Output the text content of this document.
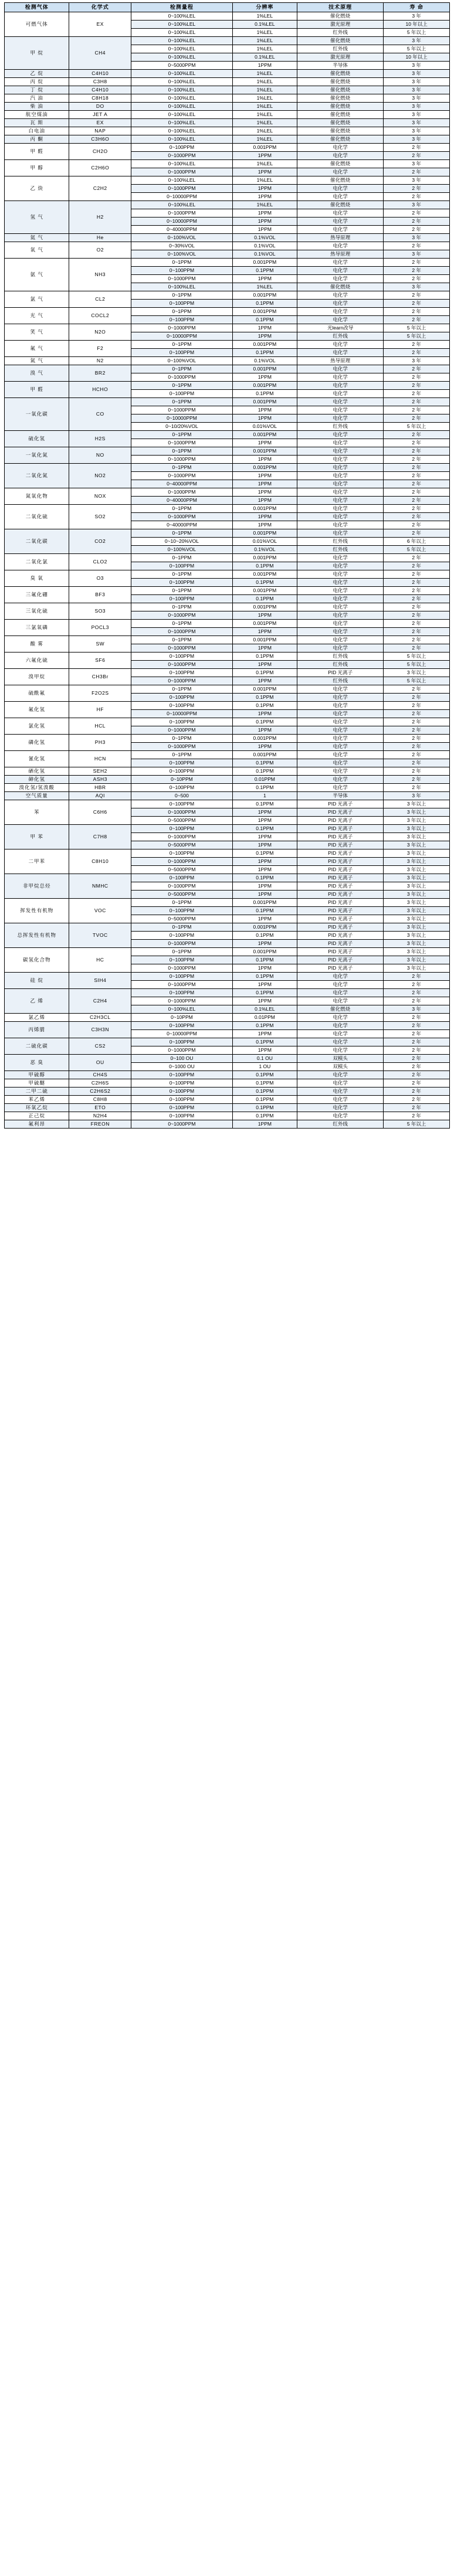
检测气体	化学式	检测量程	分辨率	技术原理	寿 命
可燃气体	EX	0~100%LEL	1%LEL	催化燃烧	3 年
		0~100%LEL	0.1%LEL	激光原理	10 年以上
		0~100%LEL	1%LEL	红外线	5 年以上
甲 烷	CH4	0~100%LEL	1%LEL	催化燃烧	3 年
		0~100%LEL	1%LEL	红外线	5 年以上
		0~100%LEL	0.1%LEL	激光原理	10 年以上
		0~5000PPM	1PPM	半导体	3 年
乙 烷	C4H10	0~100%LEL	1%LEL	催化燃烧	3 年
丙 烷	C3H8	0~100%LEL	1%LEL	催化燃烧	3 年
丁 烷	C4H10	0~100%LEL	1%LEL	催化燃烧	3 年
汽 油	C8H18	0~100%LEL	1%LEL	催化燃烧	3 年
柴 油	DO	0~100%LEL	1%LEL	催化燃烧	3 年
航空煤油	JET A	0~100%LEL	1%LEL	催化燃烧	3 年
瓦 斯	EX	0~100%LEL	1%LEL	催化燃烧	3 年
白电油	NAP	0~100%LEL	1%LEL	催化燃烧	3 年
丙 酮	C3H6O	0~100%LEL	1%LEL	催化燃烧	3 年
甲 醛	CH2O	0~100PPM	0.001PPM	电化学	2 年
		0~1000PPM	1PPM	电化学	2 年
甲 醇	C2H6O	0~100%LEL	1%LEL	催化燃烧	3 年
		0~1000PPM	1PPM	电化学	2 年
乙 炔	C2H2	0~100%LEL	1%LEL	催化燃烧	3 年
		0~1000PPM	1PPM	电化学	2 年
		0~10000PPM	1PPM	电化学	2 年
氢 气	H2	0~100%LEL	1%LEL	催化燃烧	3 年
		0~1000PPM	1PPM	电化学	2 年
		0~10000PPM	1PPM	电化学	2 年
		0~40000PPM	1PPM	电化学	2 年
氦 气	He	0~100%VOL	0.1%VOL	热导原理	3 年
氧 气	O2	0~30%VOL	0.1%VOL	电化学	2 年
		0~100%VOL	0.1%VOL	热导原理	3 年
氨 气	NH3	0~1PPM	0.001PPM	电化学	2 年
		0~100PPM	0.1PPM	电化学	2 年
		0~1000PPM	1PPM	电化学	2 年
		0~100%LEL	1%LEL	催化燃烧	3 年
氯 气	CL2	0~1PPM	0.001PPM	电化学	2 年
		0~100PPM	0.1PPM	电化学	2 年
光 气	COCL2	0~1PPM	0.001PPM	电化学	2 年
		0~100PPM	0.1PPM	电化学	2 年
笑 气	N2O	0~1000PPM	1PPM	光learn改导	5 年以上
		0~10000PPM	1PPM	红外线	5 年以上
氟 气	F2	0~1PPM	0.001PPM	电化学	2 年
		0~100PPM	0.1PPM	电化学	2 年
氮 气	N2	0~100%VOL	0.1%VOL	热导原理	3 年
溴 气	BR2	0~1PPM	0.001PPM	电化学	2 年
		0~1000PPM	1PPM	电化学	2 年
甲 醛	HCHO	0~1PPM	0.001PPM	电化学	2 年
		0~100PPM	0.1PPM	电化学	2 年
一氧化碳	CO	0~1PPM	0.001PPM	电化学	2 年
		0~1000PPM	1PPM	电化学	2 年
		0~10000PPM	1PPM	电化学	2 年
		0~10/20%VOL	0.01%VOL	红外线	5 年以上
硫化氢	H2S	0~1PPM	0.001PPM	电化学	2 年
		0~1000PPM	1PPM	电化学	2 年
一氧化氮	NO	0~1PPM	0.001PPM	电化学	2 年
		0~1000PPM	1PPM	电化学	2 年
二氧化氮	NO2	0~1PPM	0.001PPM	电化学	2 年
		0~1000PPM	1PPM	电化学	2 年
		0~40000PPM	1PPM	电化学	2 年
氮氧化物	NOX	0~1000PPM	1PPM	电化学	2 年
		0~40000PPM	1PPM	电化学	2 年
二氧化硫	SO2	0~1PPM	0.001PPM	电化学	2 年
		0~1000PPM	1PPM	电化学	2 年
		0~40000PPM	1PPM	电化学	2 年
二氧化碳	CO2	0~1PPM	0.001PPM	电化学	2 年
		0~10~20%VOL	0.01%VOL	红外线	6 年以上
		0~100%VOL	0.1%VOL	红外线	5 年以上
二氧化氯	CLO2	0~1PPM	0.001PPM	电化学	2 年
		0~100PPM	0.1PPM	电化学	2 年
臭 氧	O3	0~1PPM	0.001PPM	电化学	2 年
		0~100PPM	0.1PPM	电化学	2 年
三氟化硼	BF3	0~1PPM	0.001PPM	电化学	2 年
		0~100PPM	0.1PPM	电化学	2 年
三氧化硫	SO3	0~1PPM	0.001PPM	电化学	2 年
		0~1000PPM	1PPM	电化学	2 年
三氯氧磷	POCL3	0~1PPM	0.001PPM	电化学	2 年
		0~1000PPM	1PPM	电化学	2 年
酸 雾	SW	0~1PPM	0.001PPM	电化学	2 年
		0~1000PPM	1PPM	电化学	2 年
六氟化硫	SF6	0~100PPM	0.1PPM	红外线	5 年以上
		0~1000PPM	1PPM	红外线	5 年以上
溴甲烷	CH3Br	0~100PPM	0.1PPM	PID 光离子	3 年以上
		0~1000PPM	1PPM	红外线	5 年以上
硫酰氟	F2O2S	0~1PPM	0.001PPM	电化学	2 年
		0~100PPM	0.1PPM	电化学	2 年
氟化氢	HF	0~100PPM	0.1PPM	电化学	2 年
		0~10000PPM	1PPM	电化学	2 年
氯化氢	HCL	0~100PPM	0.1PPM	电化学	2 年
		0~1000PPM	1PPM	电化学	2 年
磷化氢	PH3	0~1PPM	0.001PPM	电化学	2 年
		0~1000PPM	1PPM	电化学	2 年
氰化氢	HCN	0~1PPM	0.001PPM	电化学	2 年
		0~100PPM	0.1PPM	电化学	2 年
硒化氢	SEH2	0~100PPM	0.1PPM	电化学	2 年
砷化氢	ASH3	0~10PPM	0.01PPM	电化学	2 年
溴化氢/氢溴酸	HBR	0~100PPM	0.1PPM	电化学	2 年
空气质量	AQI	0~500	1	半导体	3 年
苯	C6H6	0~100PPM	0.1PPM	PID 光离子	3 年以上
		0~1000PPM	1PPM	PID 光离子	3 年以上
		0~5000PPM	1PPM	PID 光离子	3 年以上
甲 苯	C7H8	0~100PPM	0.1PPM	PID 光离子	3 年以上
		0~1000PPM	1PPM	PID 光离子	3 年以上
		0~5000PPM	1PPM	PID 光离子	3 年以上
二甲苯	C8H10	0~100PPM	0.1PPM	PID 光离子	3 年以上
		0~1000PPM	1PPM	PID 光离子	3 年以上
		0~5000PPM	1PPM	PID 光离子	3 年以上
非甲烷总烃	NMHC	0~100PPM	0.1PPM	PID 光离子	3 年以上
		0~1000PPM	1PPM	PID 光离子	3 年以上
		0~5000PPM	1PPM	PID 光离子	3 年以上
挥发性有机物	VOC	0~1PPM	0.001PPM	PID 光离子	3 年以上
		0~100PPM	0.1PPM	PID 光离子	3 年以上
		0~5000PPM	1PPM	PID 光离子	3 年以上
总挥发性有机物	TVOC	0~1PPM	0.001PPM	PID 光离子	3 年以上
		0~100PPM	0.1PPM	PID 光离子	3 年以上
		0~1000PPM	1PPM	PID 光离子	3 年以上
碳氢化合物	HC	0~1PPM	0.001PPM	PID 光离子	3 年以上
		0~100PPM	0.1PPM	PID 光离子	3 年以上
		0~1000PPM	1PPM	PID 光离子	3 年以上
硅 烷	SIH4	0~100PPM	0.1PPM	电化学	2 年
		0~1000PPM	1PPM	电化学	2 年
乙 烯	C2H4	0~100PPM	0.1PPM	电化学	2 年
		0~1000PPM	1PPM	电化学	2 年
		0~100%LEL	0.1%LEL	催化燃烧	3 年
氯乙烯	C2H3CL	0~10PPM	0.01PPM	电化学	2 年
丙烯腈	C3H3N	0~100PPM	0.1PPM	电化学	2 年
		0~10000PPM	1PPM	电化学	2 年
二硫化碳	CS2	0~100PPM	0.1PPM	电化学	2 年
		0~1000PPM	1PPM	电化学	2 年
恶 臭	OU	0~100 OU	0.1 OU	双模头	2 年
		0~1000 OU	1 OU	双模头	2 年
甲硫醇	CH4S	0~100PPM	0.1PPM	电化学	2 年
甲硫醚	C2H6S	0~100PPM	0.1PPM	电化学	2 年
二甲二硫	C2H6S2	0~100PPM	0.1PPM	电化学	2 年
苯乙烯	C8H8	0~100PPM	0.1PPM	电化学	2 年
环氧乙烷	ETO	0~100PPM	0.1PPM	电化学	2 年
正己烷	N2H4	0~100PPM	0.1PPM	电化学	2 年
氟利昂	FREON	0~1000PPM	1PPM	红外线	5 年以上
